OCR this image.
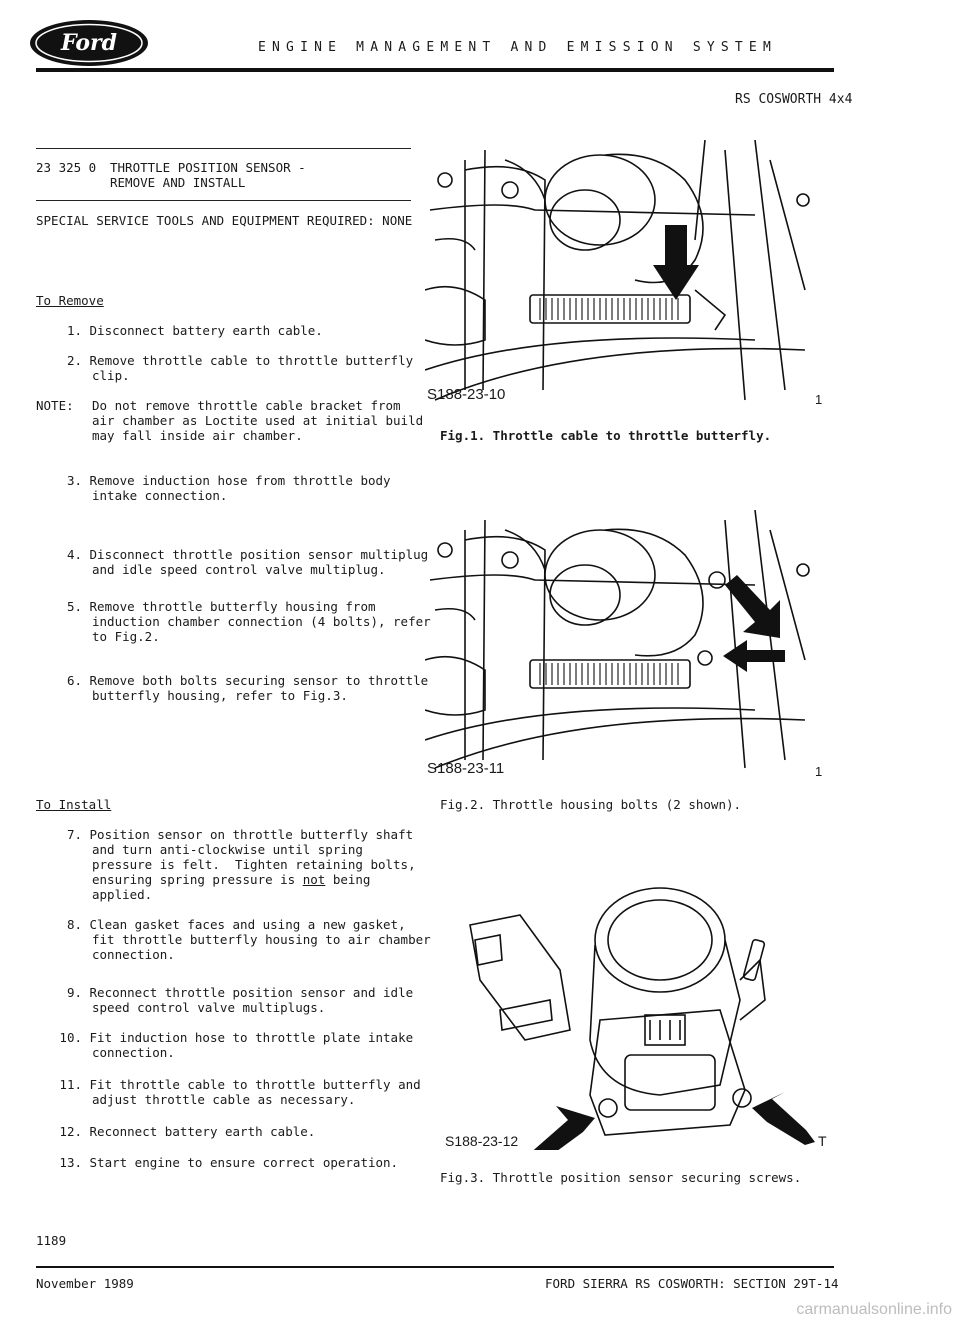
Ford	ENGINE MANAGEMENT AND EMISSION SYSTEM
RS COSWORTH 4x4
23 325 0 THROTTLE POSITION SENSOR -
REMOVE AND INSTALL
SPECIAL SERVICE TOOLS AND EQUIPMENT REQUIRED: NONE
To Remove
1. Disconnect battery earth cable.
2. Remove throttle cable to throttle butterfly
clip.
NOTE: Do not remove throttle cable bracket from
air chamber as Loctite used at initial build
may fall inside air chamber.
3. Remove induction hose from throttle body
intake connection.
4. Disconnect throttle position sensor multiplug
and idle speed control valve multiplug.
5. Remove throttle butterfly housing from
induction chamber connection (4 bolts), refer
to Fig.2.
6. Remove both bolts securing sensor to throttle
butterfly housing, refer to Fig.3.
To Install
7. Position sensor on throttle butterfly shaft
and turn anti-clockwise until spring
pressure is felt.  Tighten retaining bolts,
ensuring spring pressure is not being
applied.
8. Clean gasket faces and using a new gasket,
fit throttle butterfly housing to air chamber
connection.
9. Reconnect throttle position sensor and idle
speed control valve multiplugs.
10. Fit induction hose to throttle plate intake
connection.
11. Fit throttle cable to throttle butterfly and
adjust throttle cable as necessary.
12. Reconnect battery earth cable.
13. Start engine to ensure correct operation.
S188-23-10	1
Fig.1. Throttle cable to throttle butterfly.
S188-23-11	1
Fig.2. Throttle housing bolts (2 shown).
S188-23-12	T
Fig.3. Throttle position sensor securing screws.
1189
November 1989	FORD SIERRA RS COSWORTH: SECTION 29T-14
carmanualsonline.info
